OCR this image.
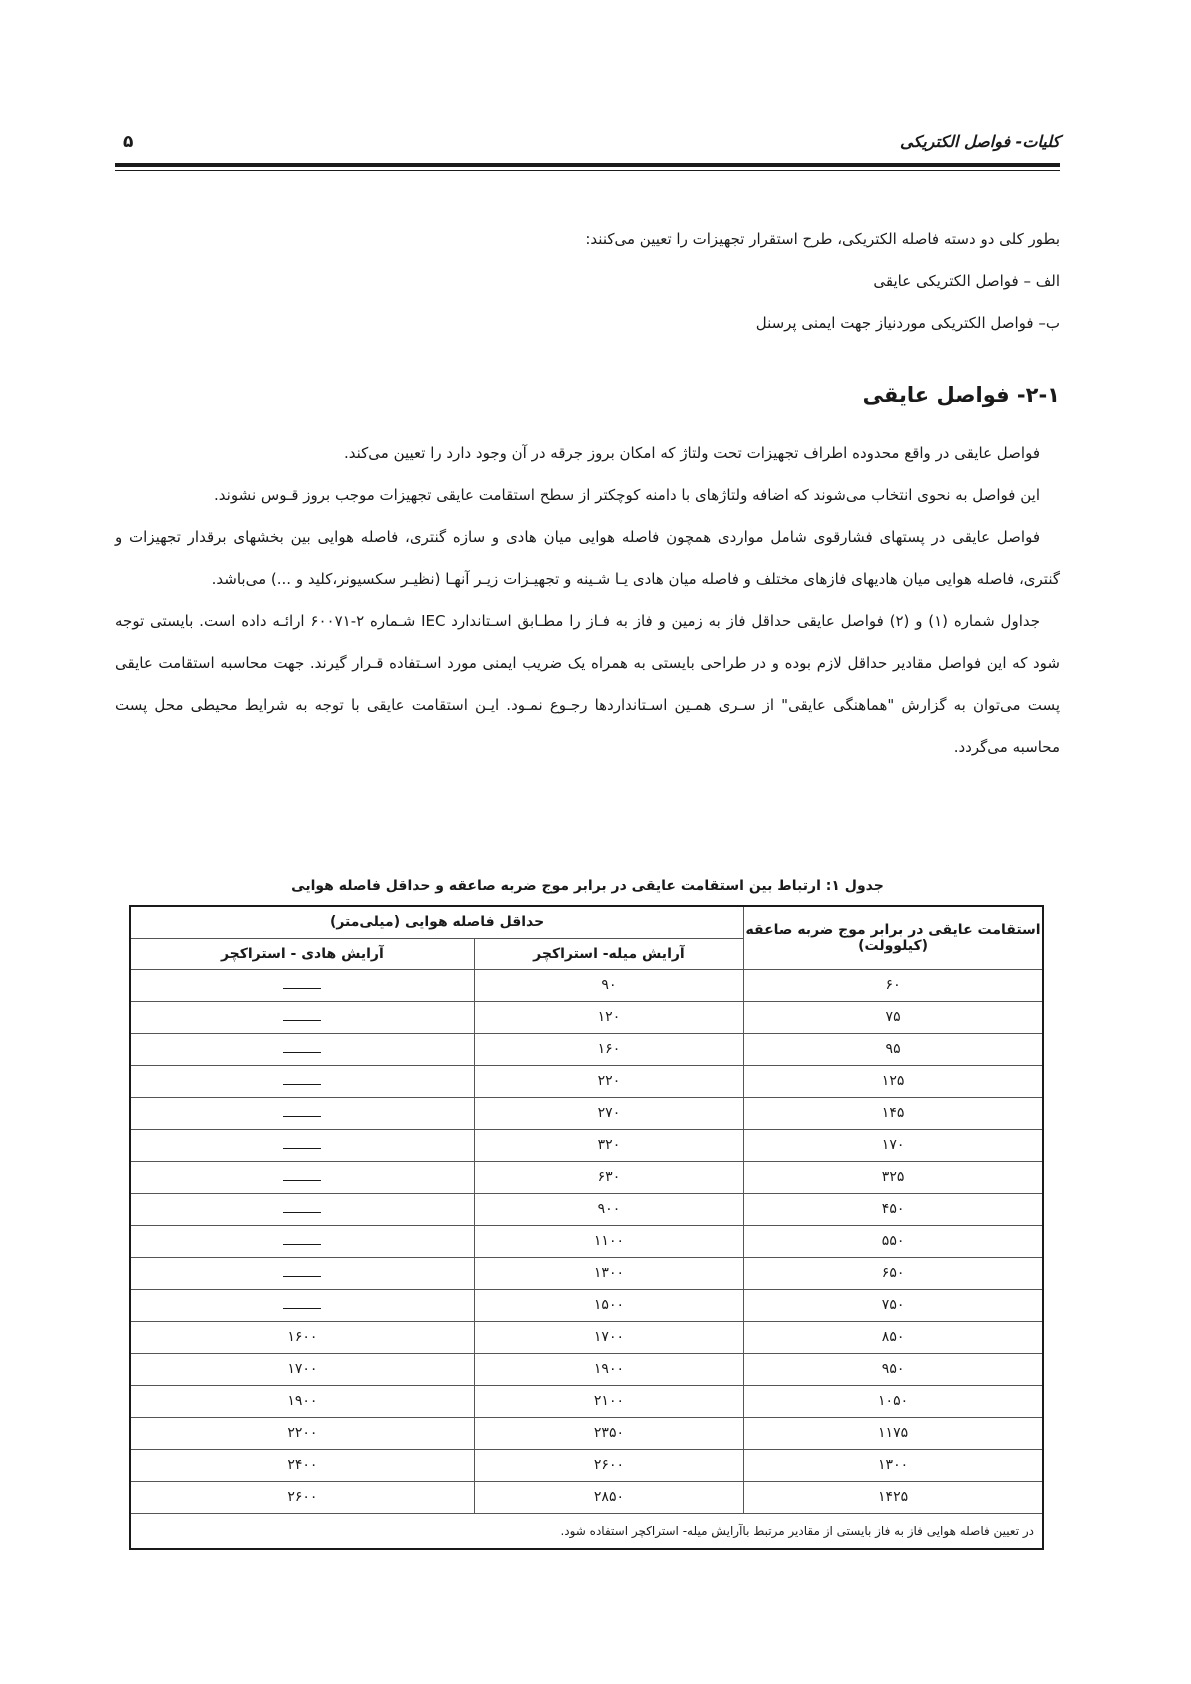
کلیات- فواصل الکتریکی
۵

بطور کلی دو دسته فاصله الکتریکی، طرح استقرار تجهیزات را تعیین می‌کنند:

الف – فواصل الکتریکی عایقی

ب– فواصل الکتریکی موردنیاز جهت ایمنی پرسنل

۲-۱- فواصل عایقی

فواصل عایقی در واقع محدوده اطراف تجهیزات تحت ولتاژ که امکان بروز جرقه در آن وجود دارد را تعیین می‌کند.

این فواصل به نحوی انتخاب می‌شوند که اضافه ولتاژهای با دامنه کوچکتر از سطح استقامت عایقی تجهیزات موجب بروز قـوس نشوند.

فواصل عایقی در پستهای فشارقوی شامل مواردی همچون فاصله هوایی میان هادی و سازه گنتری، فاصله هوایی بین بخشهای برقدار تجهیزات و گنتری، فاصله هوایی میان هادیهای فازهای مختلف و فاصله میان هادی یـا شـینه و تجهیـزات زیـر آنهـا (نظیـر سکسیونر،کلید و ...) می‌باشد.

جداول شماره (۱) و (۲) فواصل عایقی حداقل فاز به زمین و فاز به فـاز را مطـابق اسـتاندارد IEC شـماره ۲-۶۰۰۷۱ ارائـه داده است. بایستی توجه شود که این فواصل مقادیر حداقل لازم بوده و در طراحی بایستی به همراه یک ضریب ایمنی مورد اسـتفاده قـرار گیرند. جهت محاسبه استقامت عایقی پست می‌توان به گزارش "هماهنگی عایقی" از سـری همـین اسـتانداردها رجـوع نمـود. ایـن استقامت عایقی با توجه به شرایط محیطی محل پست محاسبه می‌گردد.

جدول ۱: ارتباط بین استقامت عایقی در برابر موج ضربه صاعقه و حداقل فاصله هوایی

استقامت عایقی در برابر موج ضربه صاعقه (کیلوولت)	حداقل فاصله هوایی (میلی‌متر)	
	آرایش میله- استراکچر	آرایش هادی - استراکچر
۶۰	۹۰	
۷۵	۱۲۰	
۹۵	۱۶۰	
۱۲۵	۲۲۰	
۱۴۵	۲۷۰	
۱۷۰	۳۲۰	
۳۲۵	۶۳۰	
۴۵۰	۹۰۰	
۵۵۰	۱۱۰۰	
۶۵۰	۱۳۰۰	
۷۵۰	۱۵۰۰	
۸۵۰	۱۷۰۰	۱۶۰۰
۹۵۰	۱۹۰۰	۱۷۰۰
۱۰۵۰	۲۱۰۰	۱۹۰۰
۱۱۷۵	۲۳۵۰	۲۲۰۰
۱۳۰۰	۲۶۰۰	۲۴۰۰
۱۴۲۵	۲۸۵۰	۲۶۰۰
در تعیین فاصله هوایی فاز به فاز بایستی از مقادیر مرتبط باآرایش میله- استراکچر استفاده شود.		
